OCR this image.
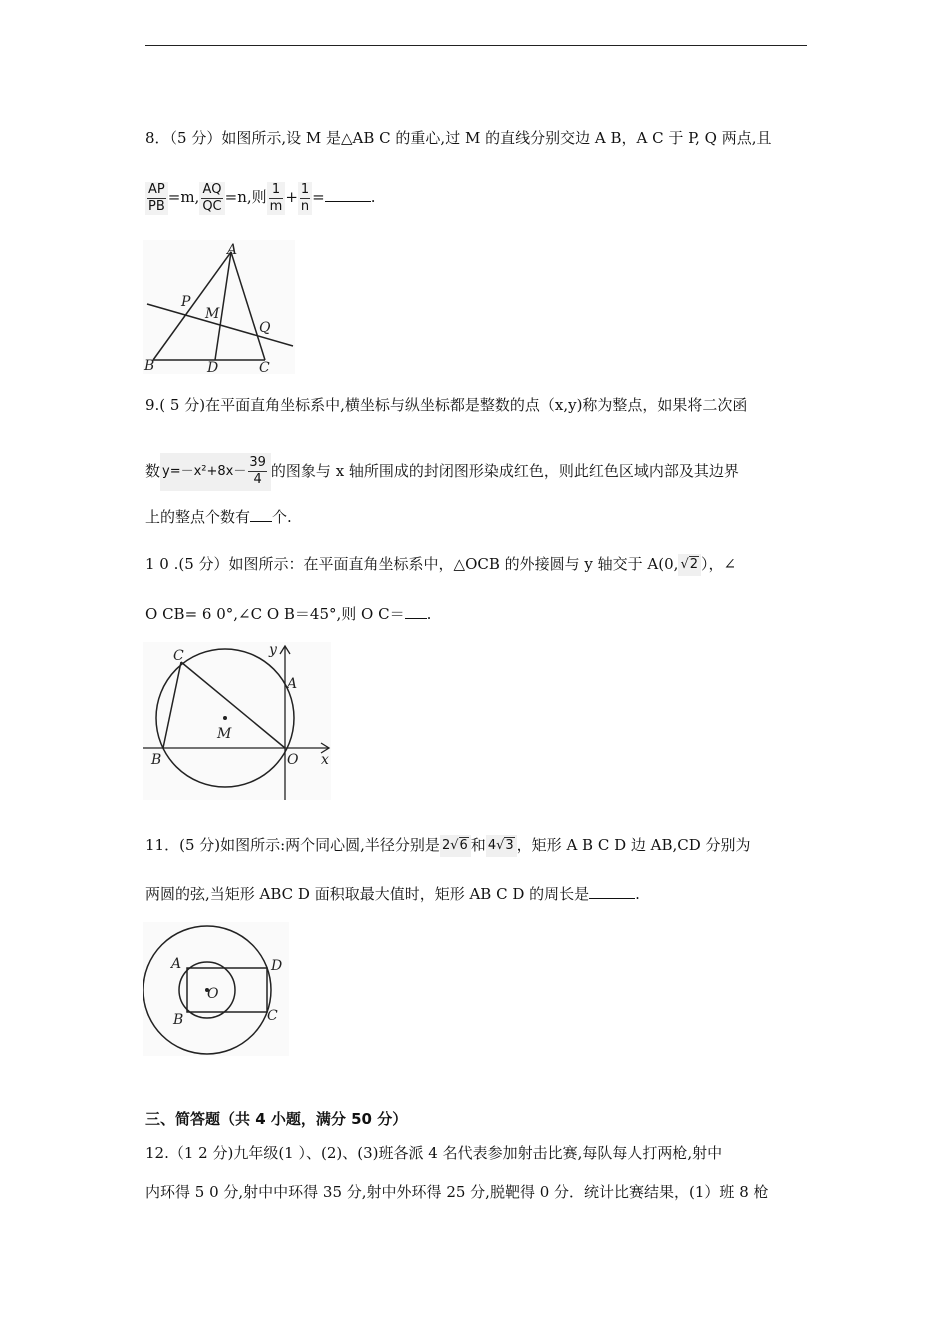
8．（5 分）如图所示,设 M 是△AB C 的重心,过 M 的直线分别交边 A B，A C 于 P, Q 两点,且
$\frac{AP}{PB} =m$, $\frac{AQ}{QC} =n$,则 $\frac{1}{m} + \frac{1}{n}$ =	.
A
P
M
Q
B	D	C
9.( 5 分)在平面直角坐标系中,横坐标与纵坐标都是整数的点（x,y)称为整点，如果将二次函
数 $y=-x^2+8x- \frac{39}{4}$ 的图象与 x 轴所围成的封闭图形染成红色，则此红色区域内部及其边界
上的整点个数有 个.
1 0 .(5 分）如图所示：在平面直角坐标系中，△OCB 的外接圆与 y 轴交于 A(0, √2 ），∠
O CB= 6 0°,∠C O B＝45°,则 O C＝ .
C	y
A
M
B	O x
11．(5 分)如图所示:两个同心圆,半径分别是 2√6 和 4√3 ，矩形 A B C D 边 AB,CD 分别为
两圆的弦,当矩形 ABC D 面积取最大值时，矩形 AB C D 的周长是	.
A	D
O
B	C
三、简答题（共 4 小题，满分 50 分）
12.（1 2 分)九年级(1 ）、(2)、(3)班各派 4 名代表参加射击比赛,每队每人打两枪,射中
内环得 5 0 分,射中中环得 35 分,射中外环得 25 分,脱靶得 0 分．统计比赛结果，(1）班 8 枪
